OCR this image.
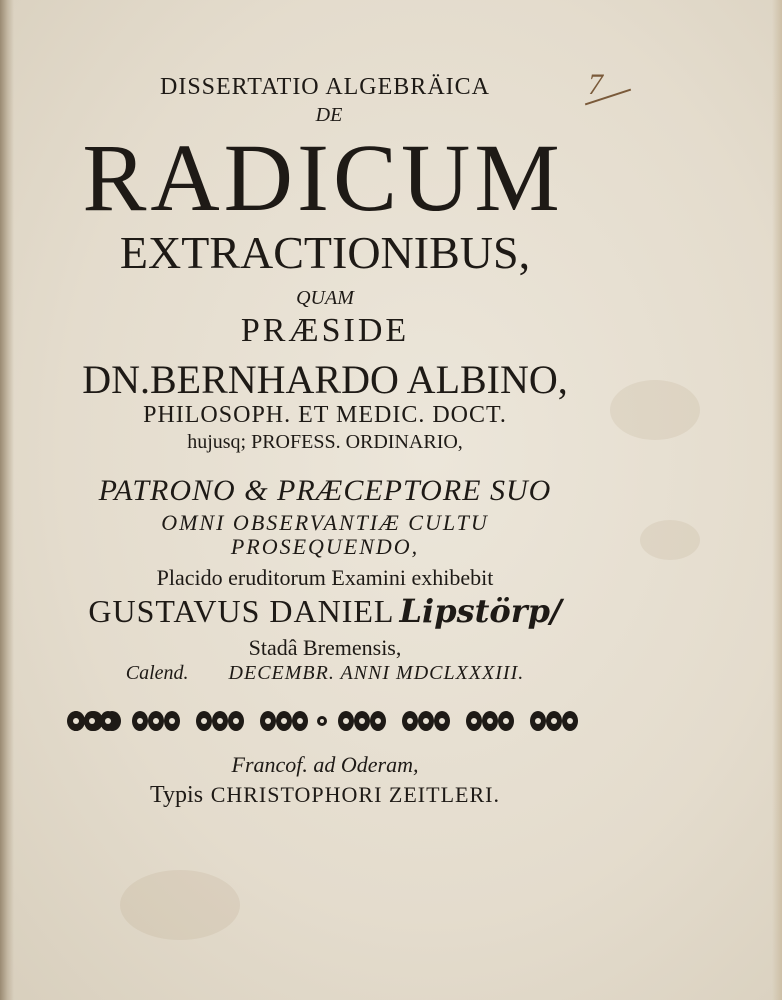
7
DISSERTATIO ALGEBRÄICA
DE
RADICUM
EXTRACTIONIBUS,
QUAM
PRÆSIDE
DN.BERNHARDO ALBINO,
PHILOSOPH. ET MEDIC. DOCT.
hujusq; PROFESS. ORDINARIO,
PATRONO & PRÆCEPTORE SUO
OMNI OBSERVANTIÆ CULTU
PROSEQUENDO,
Placido eruditorum Examini exhibebit
GUSTAVUS DANIEL Lipstörp/
Stadâ Bremensis,
Calend. DECEMBR. ANNI MDCLXXXIII.
Francof. ad Oderam,
Typis CHRISTOPHORI ZEITLERI.
